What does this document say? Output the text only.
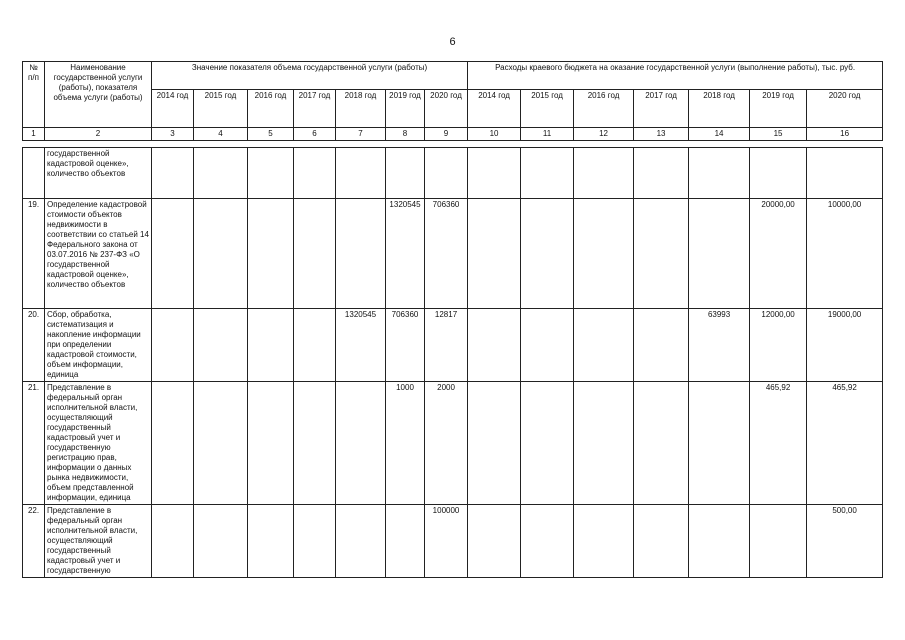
6
№ п/п	Наименование государственной услуги (работы), показателя объема услуги (работы)	Значение показателя объема государственной услуги (работы)							Расходы краевого бюджета на оказание государственной услуги (выполнение работы), тыс. руб.						
		2014 год	2015 год	2016 год	2017 год	2018 год	2019 год	2020 год	2014 год	2015 год	2016 год	2017 год	2018 год	2019 год	2020 год
1	2	3	4	5	6	7	8	9	10	11	12	13	14	15	16

	государственной кадастровой оценке», количество объектов														
19.	Определение кадастровой стоимости объектов недвижимости в соответствии со статьей 14 Федерального закона от 03.07.2016 № 237-ФЗ «О государственной кадастровой оценке», количество объектов						1320545	706360						20000,00	10000,00
20.	Сбор, обработка, систематизация и накопление информации при определении кадастровой стоимости, объем информации, единица					1320545	706360	12817					63993	12000,00	19000,00
21.	Представление в федеральный орган исполнительной власти, осуществляющий государственный кадастровый учет и государственную регистрацию прав, информации о данных рынка недвижимости, объем представленной информации, единица						1000	2000						465,92	465,92
22.	Представление в федеральный орган исполнительной власти, осуществляющий государственный кадастровый учет и государственную							100000							500,00
